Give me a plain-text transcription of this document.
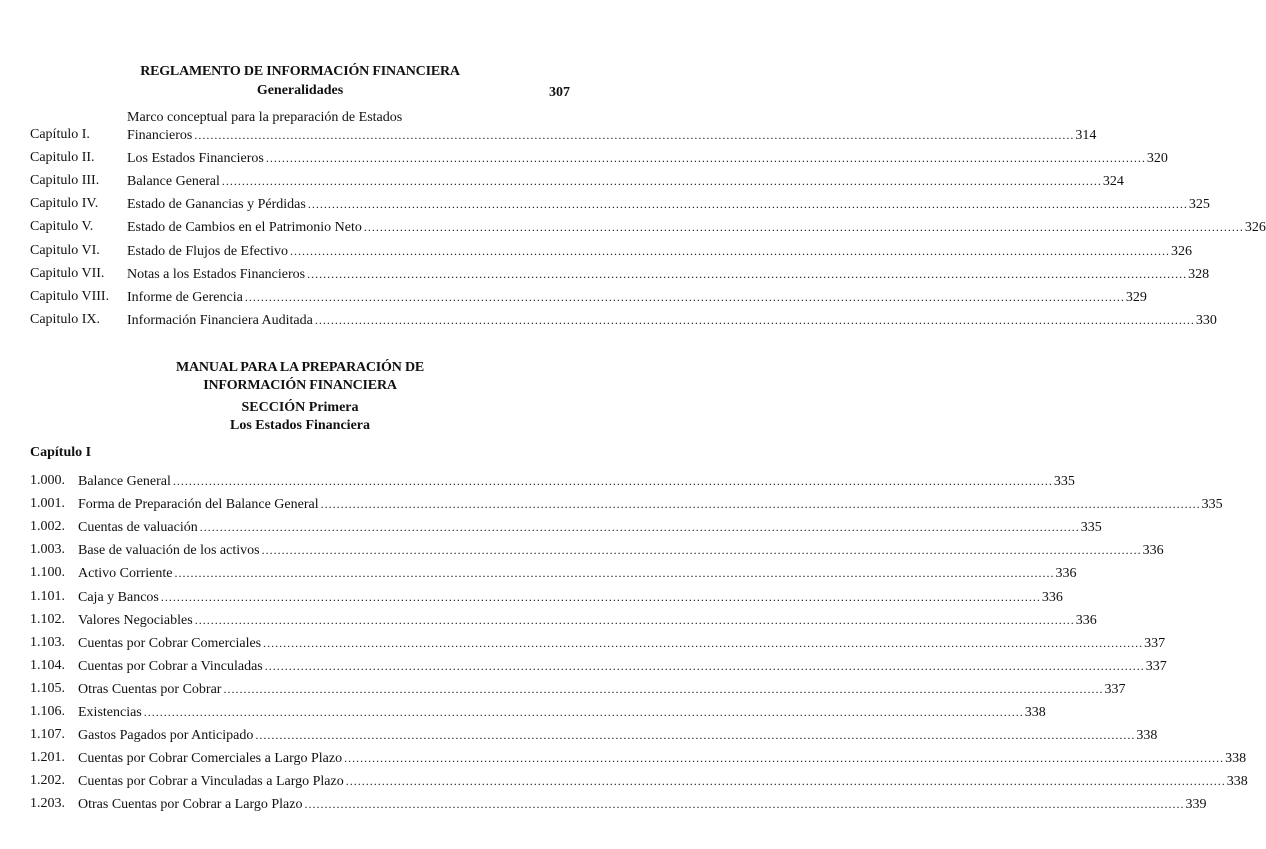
REGLAMENTO DE INFORMACIÓN FINANCIERA
Generalidades	307
Marco conceptual para la preparación de Estados
Capítulo I.	Financieros ............................................................................................................................................................................................................................ 314
Capitulo II. Los Estados Financieros ............................................................................................................................................................................................................................ 320
Capitulo III. Balance General ............................................................................................................................................................................................................................ 324
Capitulo IV. Estado de Ganancias y Pérdidas ............................................................................................................................................................................................................................ 325
Capitulo V. Estado de Cambios en el Patrimonio Neto ............................................................................................................................................................................................................................ 326
Capitulo VI. Estado de Flujos de Efectivo ............................................................................................................................................................................................................................ 326
Capitulo VII. Notas a los Estados Financieros ............................................................................................................................................................................................................................ 328
Capitulo VIII. Informe de Gerencia ............................................................................................................................................................................................................................ 329
Capitulo IX. Información Financiera Auditada ............................................................................................................................................................................................................................ 330
MANUAL PARA LA PREPARACIÓN DE
INFORMACIÓN FINANCIERA
SECCIÓN Primera
Los Estados Financiera
Capítulo I
1.000. Balance General ............................................................................................................................................................................................................................ 335
1.001. Forma de Preparación del Balance General ............................................................................................................................................................................................................................ 335
1.002. Cuentas de valuación ............................................................................................................................................................................................................................ 335
1.003. Base de valuación de los activos ............................................................................................................................................................................................................................ 336
1.100. Activo Corriente ............................................................................................................................................................................................................................ 336
1.101. Caja y Bancos ............................................................................................................................................................................................................................ 336
1.102. Valores Negociables ............................................................................................................................................................................................................................ 336
1.103. Cuentas por Cobrar Comerciales ............................................................................................................................................................................................................................ 337
1.104. Cuentas por Cobrar a Vinculadas ............................................................................................................................................................................................................................ 337
1.105. Otras Cuentas por Cobrar ............................................................................................................................................................................................................................ 337
1.106. Existencias ............................................................................................................................................................................................................................ 338
1.107. Gastos Pagados por Anticipado ............................................................................................................................................................................................................................ 338
1.201. Cuentas por Cobrar Comerciales a Largo Plazo ............................................................................................................................................................................................................................ 338
1.202. Cuentas por Cobrar a Vinculadas a Largo Plazo ............................................................................................................................................................................................................................ 338
1.203. Otras Cuentas por Cobrar a Largo Plazo ............................................................................................................................................................................................................................ 339
